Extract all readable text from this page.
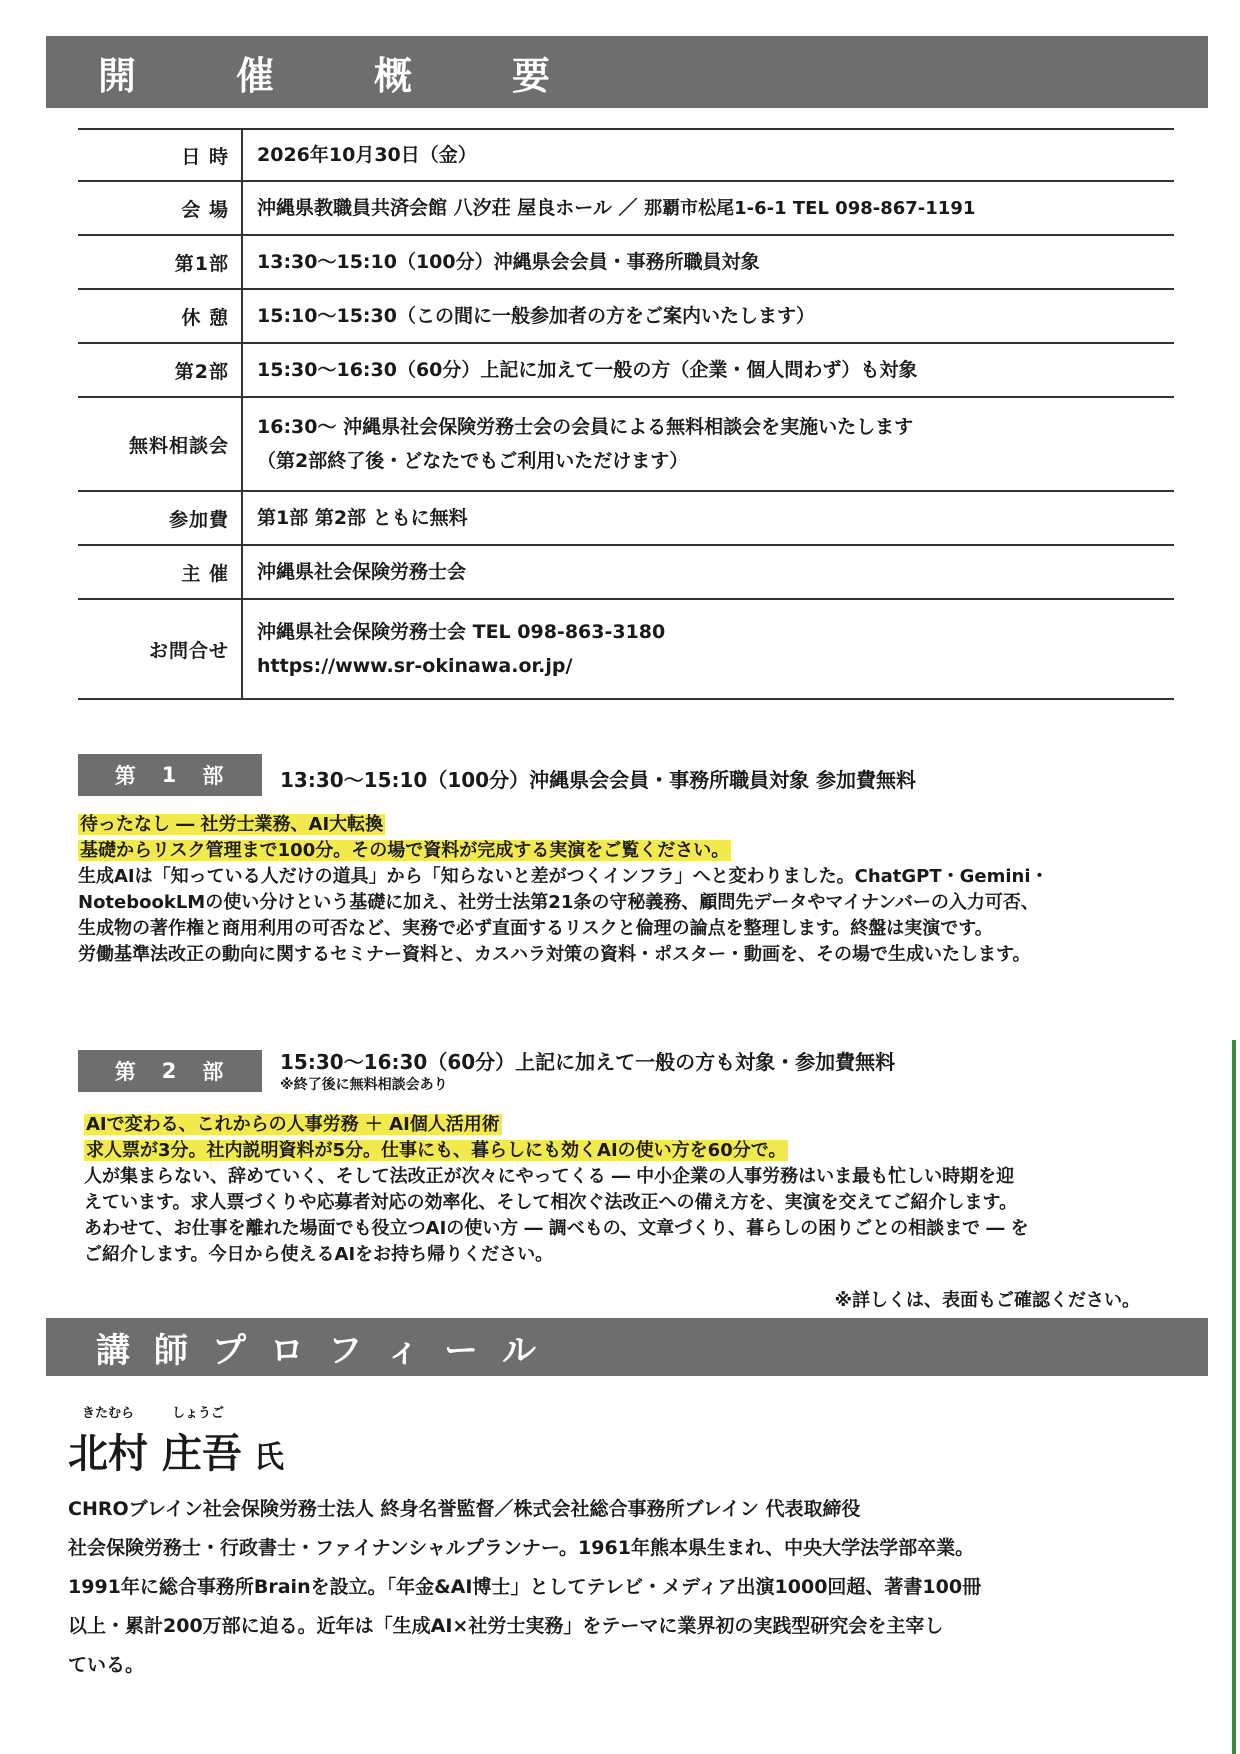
開	催	概	要
日 時	2026年10月30日（金）
会 場	沖縄県教職員共済会館 八汐荘 屋良ホール ／ 那覇市松尾1-6-1 TEL 098-867-1191
第1部	13:30～15:10（100分）沖縄県会会員・事務所職員対象
休 憩	15:10～15:30（この間に一般参加者の方をご案内いたします）
第2部	15:30～16:30（60分）上記に加えて一般の方（企業・個人問わず）も対象
無料相談会	16:30～ 沖縄県社会保険労務士会の会員による無料相談会を実施いたします
（第2部終了後・どなたでもご利用いただけます）

参加費	第1部 第2部 ともに無料
主 催	沖縄県社会保険労務士会
お問合せ	沖縄県社会保険労務士会 TEL 098-863-3180
https://www.sr-okinawa.or.jp/
第 1 部	13:30～15:10（100分）沖縄県会会員・事務所職員対象 参加費無料
待ったなし ― 社労士業務、AI大転換
基礎からリスク管理まで100分。その場で資料が完成する実演をご覧ください。
生成AIは「知っている人だけの道具」から「知らないと差がつくインフラ」へと変わりました。ChatGPT・Gemini・
NotebookLMの使い分けという基礎に加え、社労士法第21条の守秘義務、顧問先データやマイナンバーの入力可否、
生成物の著作権と商用利用の可否など、実務で必ず直面するリスクと倫理の論点を整理します。終盤は実演です。
労働基準法改正の動向に関するセミナー資料と、カスハラ対策の資料・ポスター・動画を、その場で生成いたします。
第 2 部	15:30～16:30（60分）上記に加えて一般の方も対象・参加費無料
※終了後に無料相談会あり
AIで変わる、これからの人事労務 ＋ AI個人活用術
求人票が3分。社内説明資料が5分。仕事にも、暮らしにも効くAIの使い方を60分で。
人が集まらない、辞めていく、そして法改正が次々にやってくる ― 中小企業の人事労務はいま最も忙しい時期を迎
えています。求人票づくりや応募者対応の効率化、そして相次ぐ法改正への備え方を、実演を交えてご紹介します。
あわせて、お仕事を離れた場面でも役立つAIの使い方 ― 調べもの、文章づくり、暮らしの困りごとの相談まで ― を
ご紹介します。今日から使えるAIをお持ち帰りください。
※詳しくは、表面もご確認ください。
講 師 プ ロ フ ィ ー ル
きたむら	しょうご
北村 庄吾 氏
CHROブレイン社会保険労務士法人 終身名誉監督／株式会社総合事務所ブレイン 代表取締役
社会保険労務士・行政書士・ファイナンシャルプランナー。1961年熊本県生まれ、中央大学法学部卒業。
1991年に総合事務所Brainを設立。「年金&AI博士」としてテレビ・メディア出演1000回超、著書100冊
以上・累計200万部に迫る。近年は「生成AI×社労士実務」をテーマに業界初の実践型研究会を主宰し
ている。
